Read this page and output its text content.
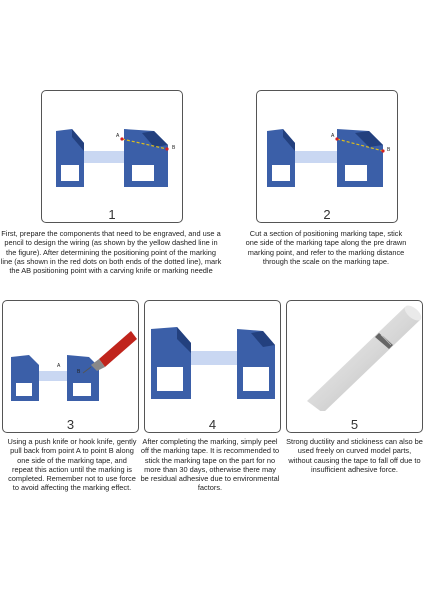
A
B
1
First, prepare the components that need to be engraved, and use a pencil to design the wiring (as shown by the yellow dashed line in the figure). After determining the positioning point of the marking line (as shown in the red dots on both ends of the dotted line), mark the AB positioning point with a carving knife or marking needle
A
B
2
Cut a section of positioning marking tape, stick one side of the marking tape along the pre drawn marking point, and refer to the marking distance through the scale on the marking tape.
A
B
3
Using a push knife or hook knife, gently pull back from point A to point B along one side of the marking tape, and repeat this action until the marking is completed. Remember not to use force to avoid affecting the marking effect.
4
After completing the marking, simply peel off the marking tape. It is recommended to stick the marking tape on the part for no more than 30 days, otherwise there may be residual adhesive due to environmental factors.
5
Strong ductility and stickiness can also be used freely on curved model parts, without causing the tape to fall off due to insufficient adhesive force.
